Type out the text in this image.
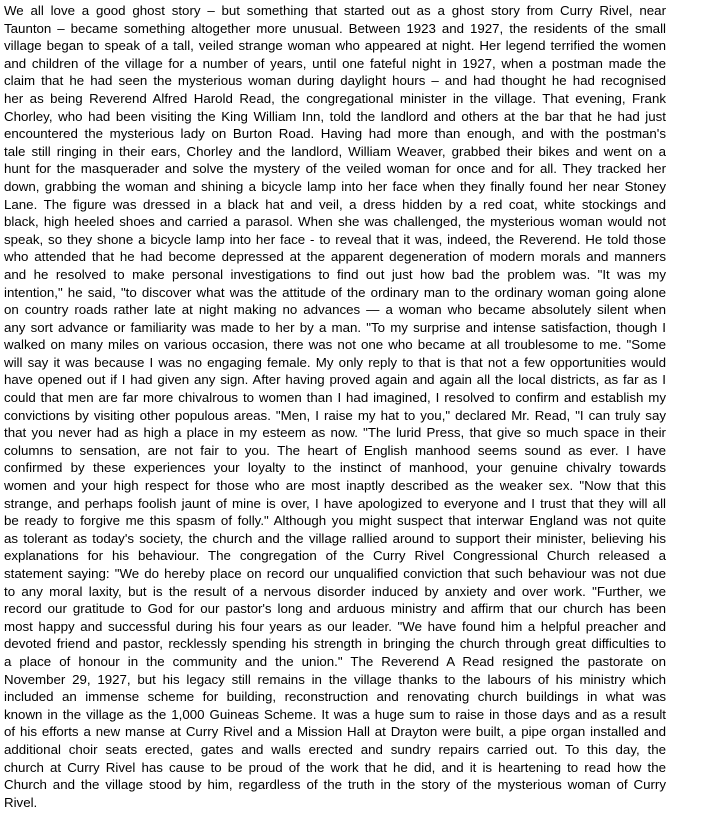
We all love a good ghost story – but something that started out as a ghost story from Curry Rivel, near
Taunton – became something altogether more unusual. Between 1923 and 1927, the residents of the small
village began to speak of a tall, veiled strange woman who appeared at night. Her legend terrified the women
and children of the village for a number of years, until one fateful night in 1927, when a postman made the
claim that he had seen the mysterious woman during daylight hours – and had thought he had recognised
her as being Reverend Alfred Harold Read, the congregational minister in the village. That evening, Frank
Chorley, who had been visiting the King William Inn, told the landlord and others at the bar that he had just
encountered the mysterious lady on Burton Road. Having had more than enough, and with the postman's
tale still ringing in their ears, Chorley and the landlord, William Weaver, grabbed their bikes and went on a
hunt for the masquerader and solve the mystery of the veiled woman for once and for all. They tracked her
down, grabbing the woman and shining a bicycle lamp into her face when they finally found her near Stoney
Lane. The figure was dressed in a black hat and veil, a dress hidden by a red coat, white stockings and
black, high heeled shoes and carried a parasol. When she was challenged, the mysterious woman would not
speak, so they shone a bicycle lamp into her face - to reveal that it was, indeed, the Reverend. He told those
who attended that he had become depressed at the apparent degeneration of modern morals and manners
and he resolved to make personal investigations to find out just how bad the problem was. "It was my
intention," he said, "to discover what was the attitude of the ordinary man to the ordinary woman going alone
on country roads rather late at night making no advances — a woman who became absolutely silent when
any sort advance or familiarity was made to her by a man. "To my surprise and intense satisfaction, though I
walked on many miles on various occasion, there was not one who became at all troublesome to me. "Some
will say it was because I was no engaging female. My only reply to that is that not a few opportunities would
have opened out if I had given any sign. After having proved again and again all the local districts, as far as I
could that men are far more chivalrous to women than I had imagined, I resolved to confirm and establish my
convictions by visiting other populous areas. "Men, I raise my hat to you," declared Mr. Read, "I can truly say
that you never had as high a place in my esteem as now. "The lurid Press, that give so much space in their
columns to sensation, are not fair to you. The heart of English manhood seems sound as ever. I have
confirmed by these experiences your loyalty to the instinct of manhood, your genuine chivalry towards
women and your high respect for those who are most inaptly described as the weaker sex. "Now that this
strange, and perhaps foolish jaunt of mine is over, I have apologized to everyone and I trust that they will all
be ready to forgive me this spasm of folly." Although you might suspect that interwar England was not quite
as tolerant as today's society, the church and the village rallied around to support their minister, believing his
explanations for his behaviour. The congregation of the Curry Rivel Congressional Church released a
statement saying: "We do hereby place on record our unqualified conviction that such behaviour was not due
to any moral laxity, but is the result of a nervous disorder induced by anxiety and over work. "Further, we
record our gratitude to God for our pastor's long and arduous ministry and affirm that our church has been
most happy and successful during his four years as our leader. "We have found him a helpful preacher and
devoted friend and pastor, recklessly spending his strength in bringing the church through great difficulties to
a place of honour in the community and the union." The Reverend A Read resigned the pastorate on
November 29, 1927, but his legacy still remains in the village thanks to the labours of his ministry which
included an immense scheme for building, reconstruction and renovating church buildings in what was
known in the village as the 1,000 Guineas Scheme. It was a huge sum to raise in those days and as a result
of his efforts a new manse at Curry Rivel and a Mission Hall at Drayton were built, a pipe organ installed and
additional choir seats erected, gates and walls erected and sundry repairs carried out. To this day, the
church at Curry Rivel has cause to be proud of the work that he did, and it is heartening to read how the
Church and the village stood by him, regardless of the truth in the story of the mysterious woman of Curry
Rivel.
